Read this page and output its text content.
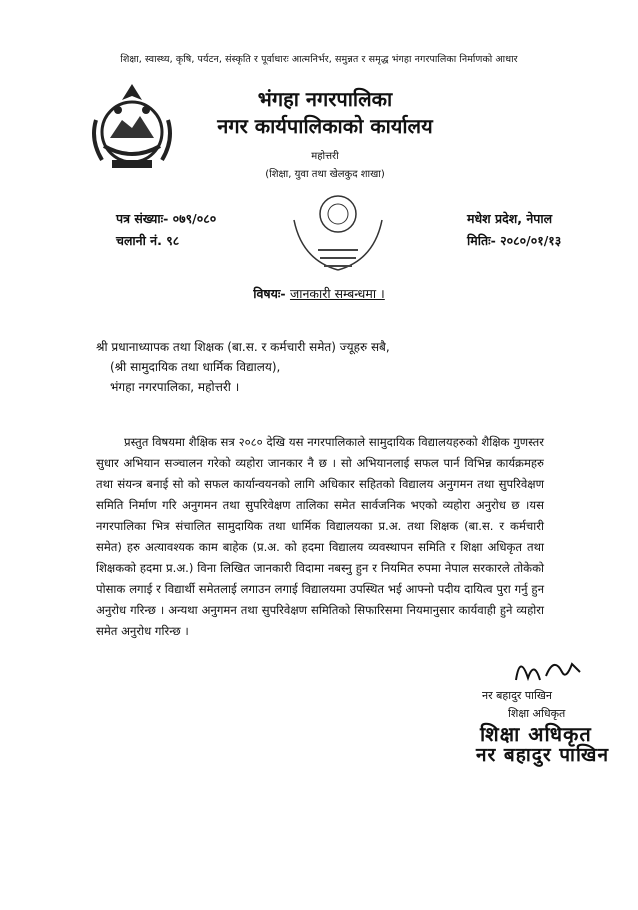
शिक्षा, स्वास्थ्य, कृषि, पर्यटन, संस्कृति र पूर्वाधारः आत्मनिर्भर, समुन्नत र समृद्ध भंगहा नगरपालिका निर्माणको आधार
भंगहा नगरपालिका
नगर कार्यपालिकाको कार्यालय
महोत्तरी
(शिक्षा, युवा तथा खेलकुद शाखा)
पत्र संख्याः- ०७९/०८०
चलानी नं. ९८
मधेश प्रदेश, नेपाल
मितिः- २०८०/०१/१३
विषयः- जानकारी सम्बन्धमा ।
श्री प्रधानाध्यापक तथा शिक्षक (बा.स. र कर्मचारी समेत) ज्यूहरु सबै,
(श्री सामुदायिक तथा धार्मिक विद्यालय),
भंगहा नगरपालिका, महोत्तरी ।
प्रस्तुत विषयमा शैक्षिक सत्र २०८० देखि यस नगरपालिकाले सामुदायिक विद्यालयहरुको शैक्षिक गुणस्तर सुधार अभियान सञ्चालन गरेको व्यहोरा जानकार नै छ । सो अभियानलाई सफल पार्न विभिन्न कार्यक्रमहरु तथा संयन्त्र बनाई सो को सफल कार्यान्वयनको लागि अधिकार सहितको विद्यालय अनुगमन तथा सुपरिवेक्षण समिति निर्माण गरि अनुगमन तथा सुपरिवेक्षण तालिका समेत सार्वजनिक भएको व्यहोरा अनुरोध छ ।यस नगरपालिका भित्र संचालित सामुदायिक तथा धार्मिक विद्यालयका प्र.अ. तथा शिक्षक (बा.स. र कर्मचारी समेत) हरु अत्यावश्यक काम बाहेक (प्र.अ. को हदमा विद्यालय व्यवस्थापन समिति र शिक्षा अधिकृत तथा शिक्षकको हदमा प्र.अ.) विना लिखित जानकारी विदामा नबस्नु हुन र नियमित रुपमा नेपाल सरकारले तोकेको पोसाक लगाई र विद्यार्थी समेतलाई लगाउन लगाई विद्यालयमा उपस्थित भई आफ्नो पदीय दायित्व पुरा गर्नु हुन अनुरोध गरिन्छ । अन्यथा अनुगमन तथा सुपरिवेक्षण समितिको सिफारिसमा नियमानुसार कार्यवाही हुने व्यहोरा समेत अनुरोध गरिन्छ ।
नर बहादुर पाखिन
शिक्षा अधिकृत
शिक्षा अधिकृत
नर बहादुर पाखिन
